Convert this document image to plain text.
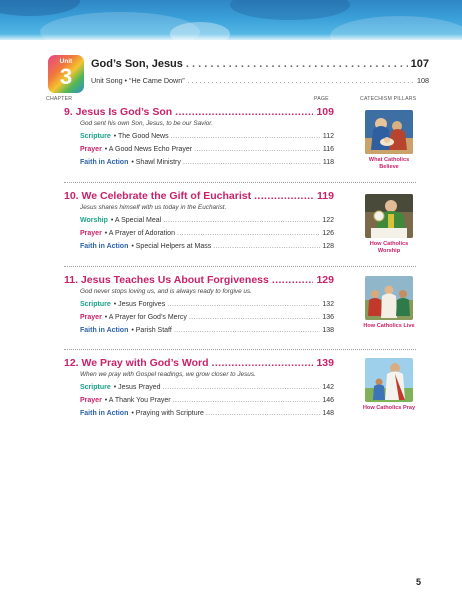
Unit
3	God’s Son, Jesus . . .	107
Unit Song • “He Came Down” . . .	108
CHAPTER	PAGE	CATECHISM PILLARS
9. Jesus Is God’s Son .....	109
God sent his own Son, Jesus, to be our Savior.
Scripture • The Good News .....	112
Prayer • A Good News Echo Prayer .....	116
Faith in Action • Shawl Ministry .....	118	What Catholics Believe
10. We Celebrate the Gift of Eucharist .....	119
Jesus shares himself with us today in the Eucharist.
Worship • A Special Meal .....	122
Prayer • A Prayer of Adoration .....	126
Faith in Action • Special Helpers at Mass .....	128	How Catholics Worship
11. Jesus Teaches Us About Forgiveness .....	129
God never stops loving us, and is always ready to forgive us.
Scripture • Jesus Forgives .....	132
Prayer • A Prayer for God’s Mercy .....	136
Faith in Action • Parish Staff .....	138
How Catholics Live
12. We Pray with God’s Word .....	139
When we pray with Gospel readings, we grow closer to Jesus.
Scripture • Jesus Prayed .....	142
Prayer • A Thank You Prayer .....	146
Faith in Action • Praying with Scripture .....	148
How Catholics Pray
5
